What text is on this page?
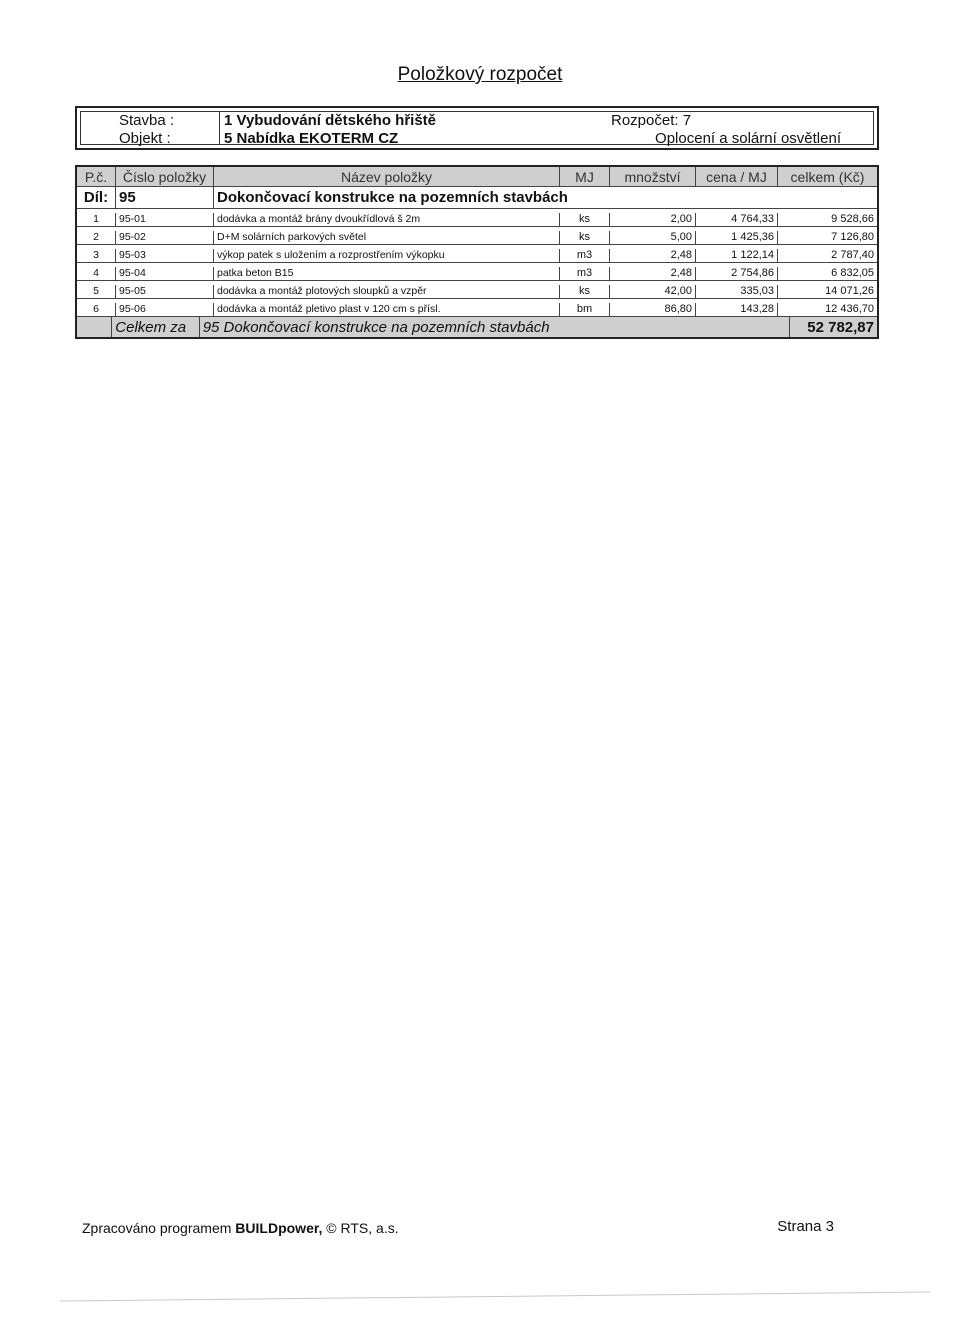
Položkový rozpočet
Stavba :	1 Vybudování dětského hřiště
Objekt :	5 Nabídka EKOTERM CZ
Rozpočet: 7
Oplocení a solární osvětlení
P.č.	Číslo položky	Název položky	MJ	množství	cena / MJ	celkem (Kč)
Díl: 95	Dokončovací konstrukce na pozemních stavbách
1	95-01	dodávka a montáž brány dvoukřídlová š 2m	ks	2,00	4 764,33	9 528,66
2	95-02	D+M solárních parkových světel	ks	5,00	1 425,36	7 126,80
3	95-03	výkop patek s uložením a rozprostřením výkopku	m3	2,48	1 122,14	2 787,40
4	95-04	patka beton B15	m3	2,48	2 754,86	6 832,05
5	95-05	dodávka a montáž plotových sloupků a vzpěr	ks	42,00	335,03	14 071,26
6	95-06	dodávka a montáž pletivo plast v 120 cm s přísl.	bm	86,80	143,28	12 436,70
Celkem za	95 Dokončovací konstrukce na pozemních stavbách	52 782,87
Zpracováno programem BUILDpower, © RTS, a.s.	Strana 3
